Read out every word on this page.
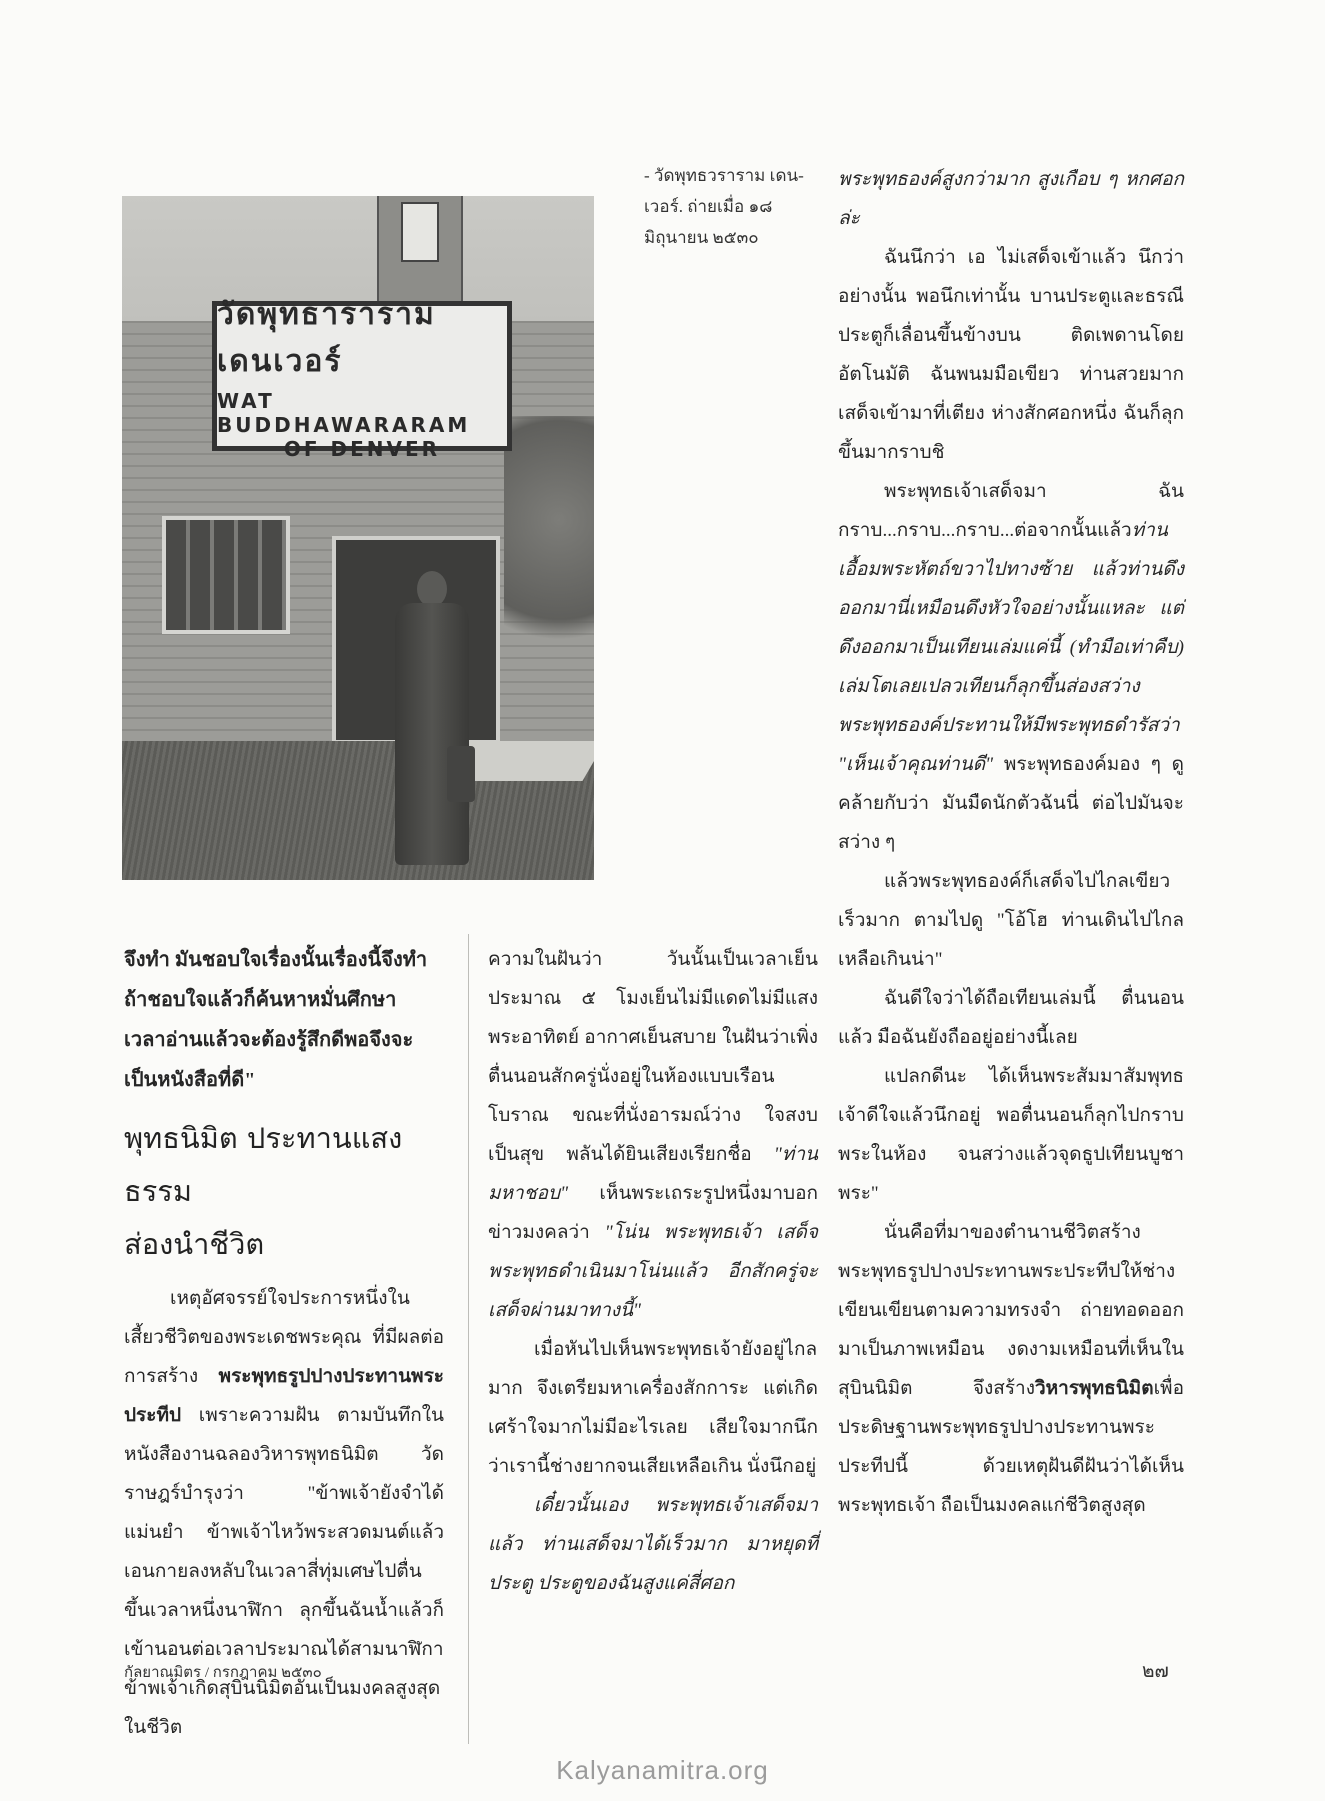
วัดพุทธาราราม เดนเวอร์
WAT BUDDHAWARARAM
OF DENVER
- วัดพุทธวราราม เดน-
เวอร์. ถ่ายเมื่อ ๑๘
มิถุนายน ๒๕๓๐
จึงทำ มันชอบใจเรื่องนั้นเรื่องนี้จึงทำ
ถ้าชอบใจแล้วก็ค้นหาหมั่นศึกษา
เวลาอ่านแล้วจะต้องรู้สึกดีพอจึงจะ
เป็นหนังสือที่ดี"
พุทธนิมิต ประทานแสงธรรม
ส่องนำชีวิต

เหตุอัศจรรย์ใจประการหนึ่งในเสี้ยวชีวิตของพระเดชพระคุณ ที่มีผลต่อการสร้าง พระพุทธรูปปางประทานพระประทีป เพราะความฝัน ตามบันทึกในหนังสืองานฉลองวิหารพุทธนิมิต วัดราษฎร์บำรุงว่า "ข้าพเจ้ายังจำได้แม่นยำ ข้าพเจ้าไหว้พระสวดมนต์แล้วเอนกายลงหลับในเวลาสี่ทุ่มเศษไปตื่นขึ้นเวลาหนึ่งนาฬิกา ลุกขึ้นฉันน้ำแล้วก็เข้านอนต่อเวลาประมาณได้สามนาฬิกา ข้าพเจ้าเกิดสุบินนิมิตอันเป็นมงคลสูงสุดในชีวิต

ความในฝันว่า วันนั้นเป็นเวลาเย็นประมาณ ๕ โมงเย็นไม่มีแดดไม่มีแสงพระอาทิตย์ อากาศเย็นสบาย ในฝันว่าเพิ่งตื่นนอนสักครู่นั่งอยู่ในห้องแบบเรือนโบราณ ขณะที่นั่งอารมณ์ว่าง ใจสงบเป็นสุข พลันได้ยินเสียงเรียกชื่อ "ท่านมหาชอบ" เห็นพระเถระรูปหนึ่งมาบอกข่าวมงคลว่า "โน่น พระพุทธเจ้า เสด็จพระพุทธดำเนินมาโน่นแล้ว อีกสักครู่จะเสด็จผ่านมาทางนี้"

เมื่อหันไปเห็นพระพุทธเจ้ายังอยู่ไกลมาก จึงเตรียมหาเครื่องสักการะ แต่เกิดเศร้าใจมากไม่มีอะไรเลย เสียใจมากนึกว่าเรานี้ช่างยากจนเสียเหลือเกิน นั่งนึกอยู่

เดี๋ยวนั้นเอง พระพุทธเจ้าเสด็จมาแล้ว ท่านเสด็จมาได้เร็วมาก มาหยุดที่ประตู ประตูของฉันสูงแค่สี่ศอก

พระพุทธองค์สูงกว่ามาก สูงเกือบ ๆ หกศอกล่ะ

ฉันนึกว่า เอ ไม่เสด็จเข้าแล้ว นึกว่าอย่างนั้น พอนึกเท่านั้น บานประตูและธรณีประตูก็เลื่อนขึ้นข้างบน ติดเพดานโดยอัตโนมัติ ฉันพนมมือเขียว ท่านสวยมาก เสด็จเข้ามาที่เตียง ห่างสักศอกหนึ่ง ฉันก็ลุกขึ้นมากราบชิ

พระพุทธเจ้าเสด็จมา ฉันกราบ...กราบ...กราบ...ต่อจากนั้นแล้วท่านเอื้อมพระหัตถ์ขวาไปทางซ้าย แล้วท่านดึงออกมานี่เหมือนดึงหัวใจอย่างนั้นแหละ แต่ดึงออกมาเป็นเทียนเล่มแค่นี้ (ทำมือเท่าคืบ) เล่มโตเลยเปลวเทียนก็ลุกขึ้นส่องสว่าง พระพุทธองค์ประทานให้มีพระพุทธดำรัสว่า "เห็นเจ้าคุณท่านดี" พระพุทธองค์มอง ๆ ดูคล้ายกับว่า มันมืดนักตัวฉันนี่ ต่อไปมันจะสว่าง ๆ

แล้วพระพุทธองค์ก็เสด็จไปไกลเขียว เร็วมาก ตามไปดู "โอ้โฮ ท่านเดินไปไกลเหลือเกินน่า"

ฉันดีใจว่าได้ถือเทียนเล่มนี้ ตื่นนอนแล้ว มือฉันยังถืออยู่อย่างนี้เลย

แปลกดีนะ ได้เห็นพระสัมมาสัมพุทธเจ้าดีใจแล้วนึกอยู่ พอตื่นนอนก็ลุกไปกราบพระในห้อง จนสว่างแล้วจุดธูปเทียนบูชาพระ"

นั่นคือที่มาของตำนานชีวิตสร้างพระพุทธรูปปางประทานพระประทีปให้ช่างเขียนเขียนตามความทรงจำ ถ่ายทอดออกมาเป็นภาพเหมือน งดงามเหมือนที่เห็นในสุบินนิมิต จึงสร้างวิหารพุทธนิมิตเพื่อประดิษฐานพระพุทธรูปปางประทานพระประทีปนี้ ด้วยเหตุฝันดีฝันว่าได้เห็นพระพุทธเจ้า ถือเป็นมงคลแก่ชีวิตสูงสุด

กัลยาณมิตร / กรกฎาคม ๒๕๓๐	๒๗
Kalyanamitra.org
